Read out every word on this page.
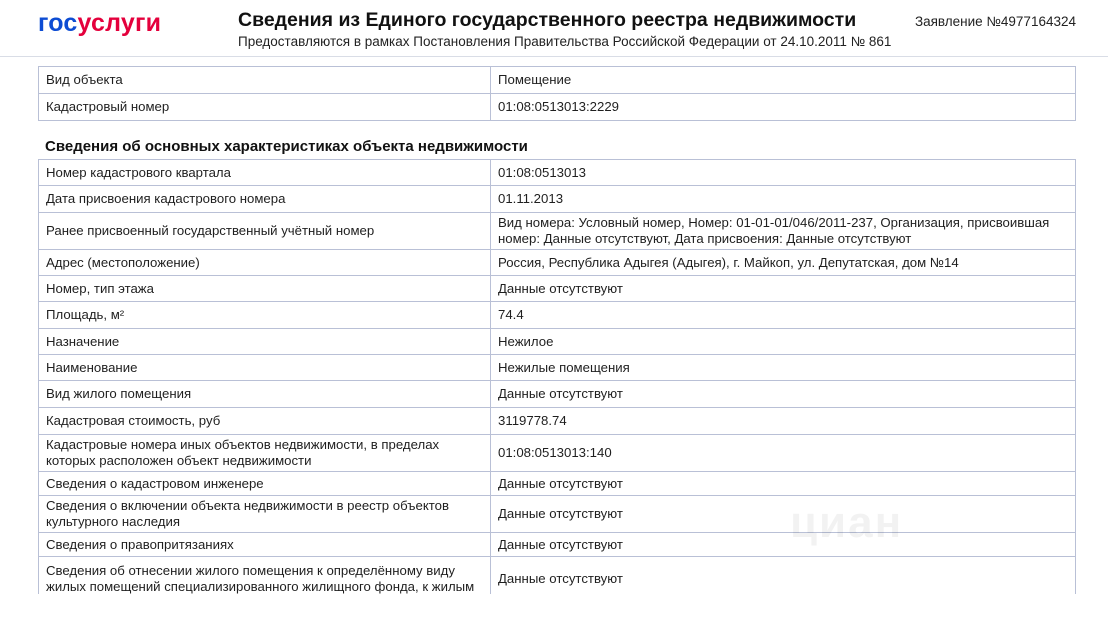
госуслуги	Сведения из Единого государственного реестра недвижимости
Предоставляются в рамках Постановления Правительства Российской Федерации от 24.10.2011 № 861
Заявление №4977164324
Вид объекта	Помещение
Кадастровый номер	01:08:0513013:2229
Сведения об основных характеристиках объекта недвижимости
Номер кадастрового квартала	01:08:0513013
Дата присвоения кадастрового номера	01.11.2013
Ранее присвоенный государственный учётный номер	Вид номера: Условный номер, Номер: 01-01-01/046/2011-237, Организация, присвоившая номер: Данные отсутствуют, Дата присвоения: Данные отсутствуют
Адрес (местоположение)	Россия, Республика Адыгея (Адыгея), г. Майкоп, ул. Депутатская, дом №14
Номер, тип этажа	Данные отсутствуют
Площадь, м²	74.4
Назначение	Нежилое
Наименование	Нежилые помещения
Вид жилого помещения	Данные отсутствуют
Кадастровая стоимость, руб	3119778.74
Кадастровые номера иных объектов недвижимости, в пределах которых расположен объект недвижимости	01:08:0513013:140
Сведения о кадастровом инженере	Данные отсутствуют
Сведения о включении объекта недвижимости в реестр объектов культурного наследия	Данные отсутствуют
Сведения о правопритязаниях	Данные отсутствуют
Сведения об отнесении жилого помещения к определённому виду жилых помещений специализированного жилищного фонда, к жилым	Данные отсутствуют
циан
